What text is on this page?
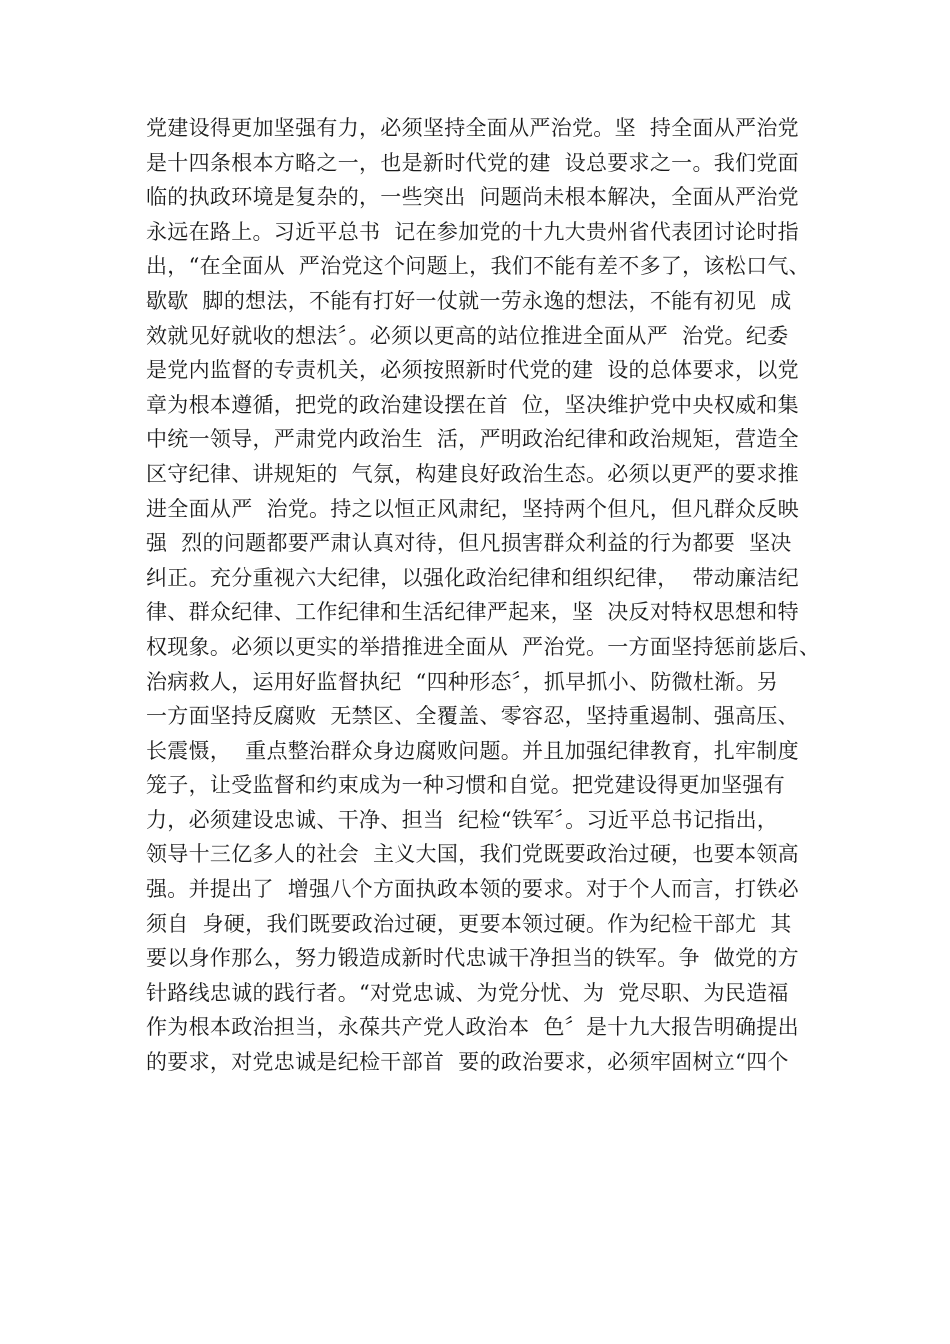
党建设得更加坚强有力，必须坚持全面从严治党。坚  持全面从严治党
是十四条根本方略之一，也是新时代党的建  设总要求之一。我们党面
临的执政环境是复杂的，一些突出  问题尚未根本解决，全面从严治党
永远在路上。习近平总书  记在参加党的十九大贵州省代表团讨论时指
出，“在全面从  严治党这个问题上，我们不能有差不多了，该松口气、
歇歇  脚的想法，不能有打好一仗就一劳永逸的想法，不能有初见  成
效就见好就收的想法〞。必须以更高的站位推进全面从严  治党。纪委
是党内监督的专责机关，必须按照新时代党的建  设的总体要求，以党
章为根本遵循，把党的政治建设摆在首  位，坚决维护党中央权威和集
中统一领导，严肃党内政治生  活，严明政治纪律和政治规矩，营造全
区守纪律、讲规矩的  气氛，构建良好政治生态。必须以更严的要求推
进全面从严  治党。持之以恒正风肃纪，坚持两个但凡，但凡群众反映
强  烈的问题都要严肃认真对待，但凡损害群众利益的行为都要  坚决
纠正。充分重视六大纪律，以强化政治纪律和组织纪律，  带动廉洁纪
律、群众纪律、工作纪律和生活纪律严起来，坚  决反对特权思想和特
权现象。必须以更实的举措推进全面从  严治党。一方面坚持惩前毖后、
治病救人，运用好监督执纪  “四种形态〞，抓早抓小、防微杜渐。另
一方面坚持反腐败  无禁区、全覆盖、零容忍，坚持重遏制、强高压、
长震慑，  重点整治群众身边腐败问题。并且加强纪律教育，扎牢制度
笼子，让受监督和约束成为一种习惯和自觉。把党建设得更加坚强有
力，必须建设忠诚、干净、担当  纪检“铁军〞。习近平总书记指出，
领导十三亿多人的社会  主义大国，我们党既要政治过硬，也要本领高
强。并提出了  增强八个方面执政本领的要求。对于个人而言，打铁必
须自  身硬，我们既要政治过硬，更要本领过硬。作为纪检干部尤  其
要以身作那么，努力锻造成新时代忠诚干净担当的铁军。争  做党的方
针路线忠诚的践行者。“对党忠诚、为党分忧、为  党尽职、为民造福
作为根本政治担当，永葆共产党人政治本  色〞是十九大报告明确提出
的要求，对党忠诚是纪检干部首  要的政治要求，必须牢固树立“四个
